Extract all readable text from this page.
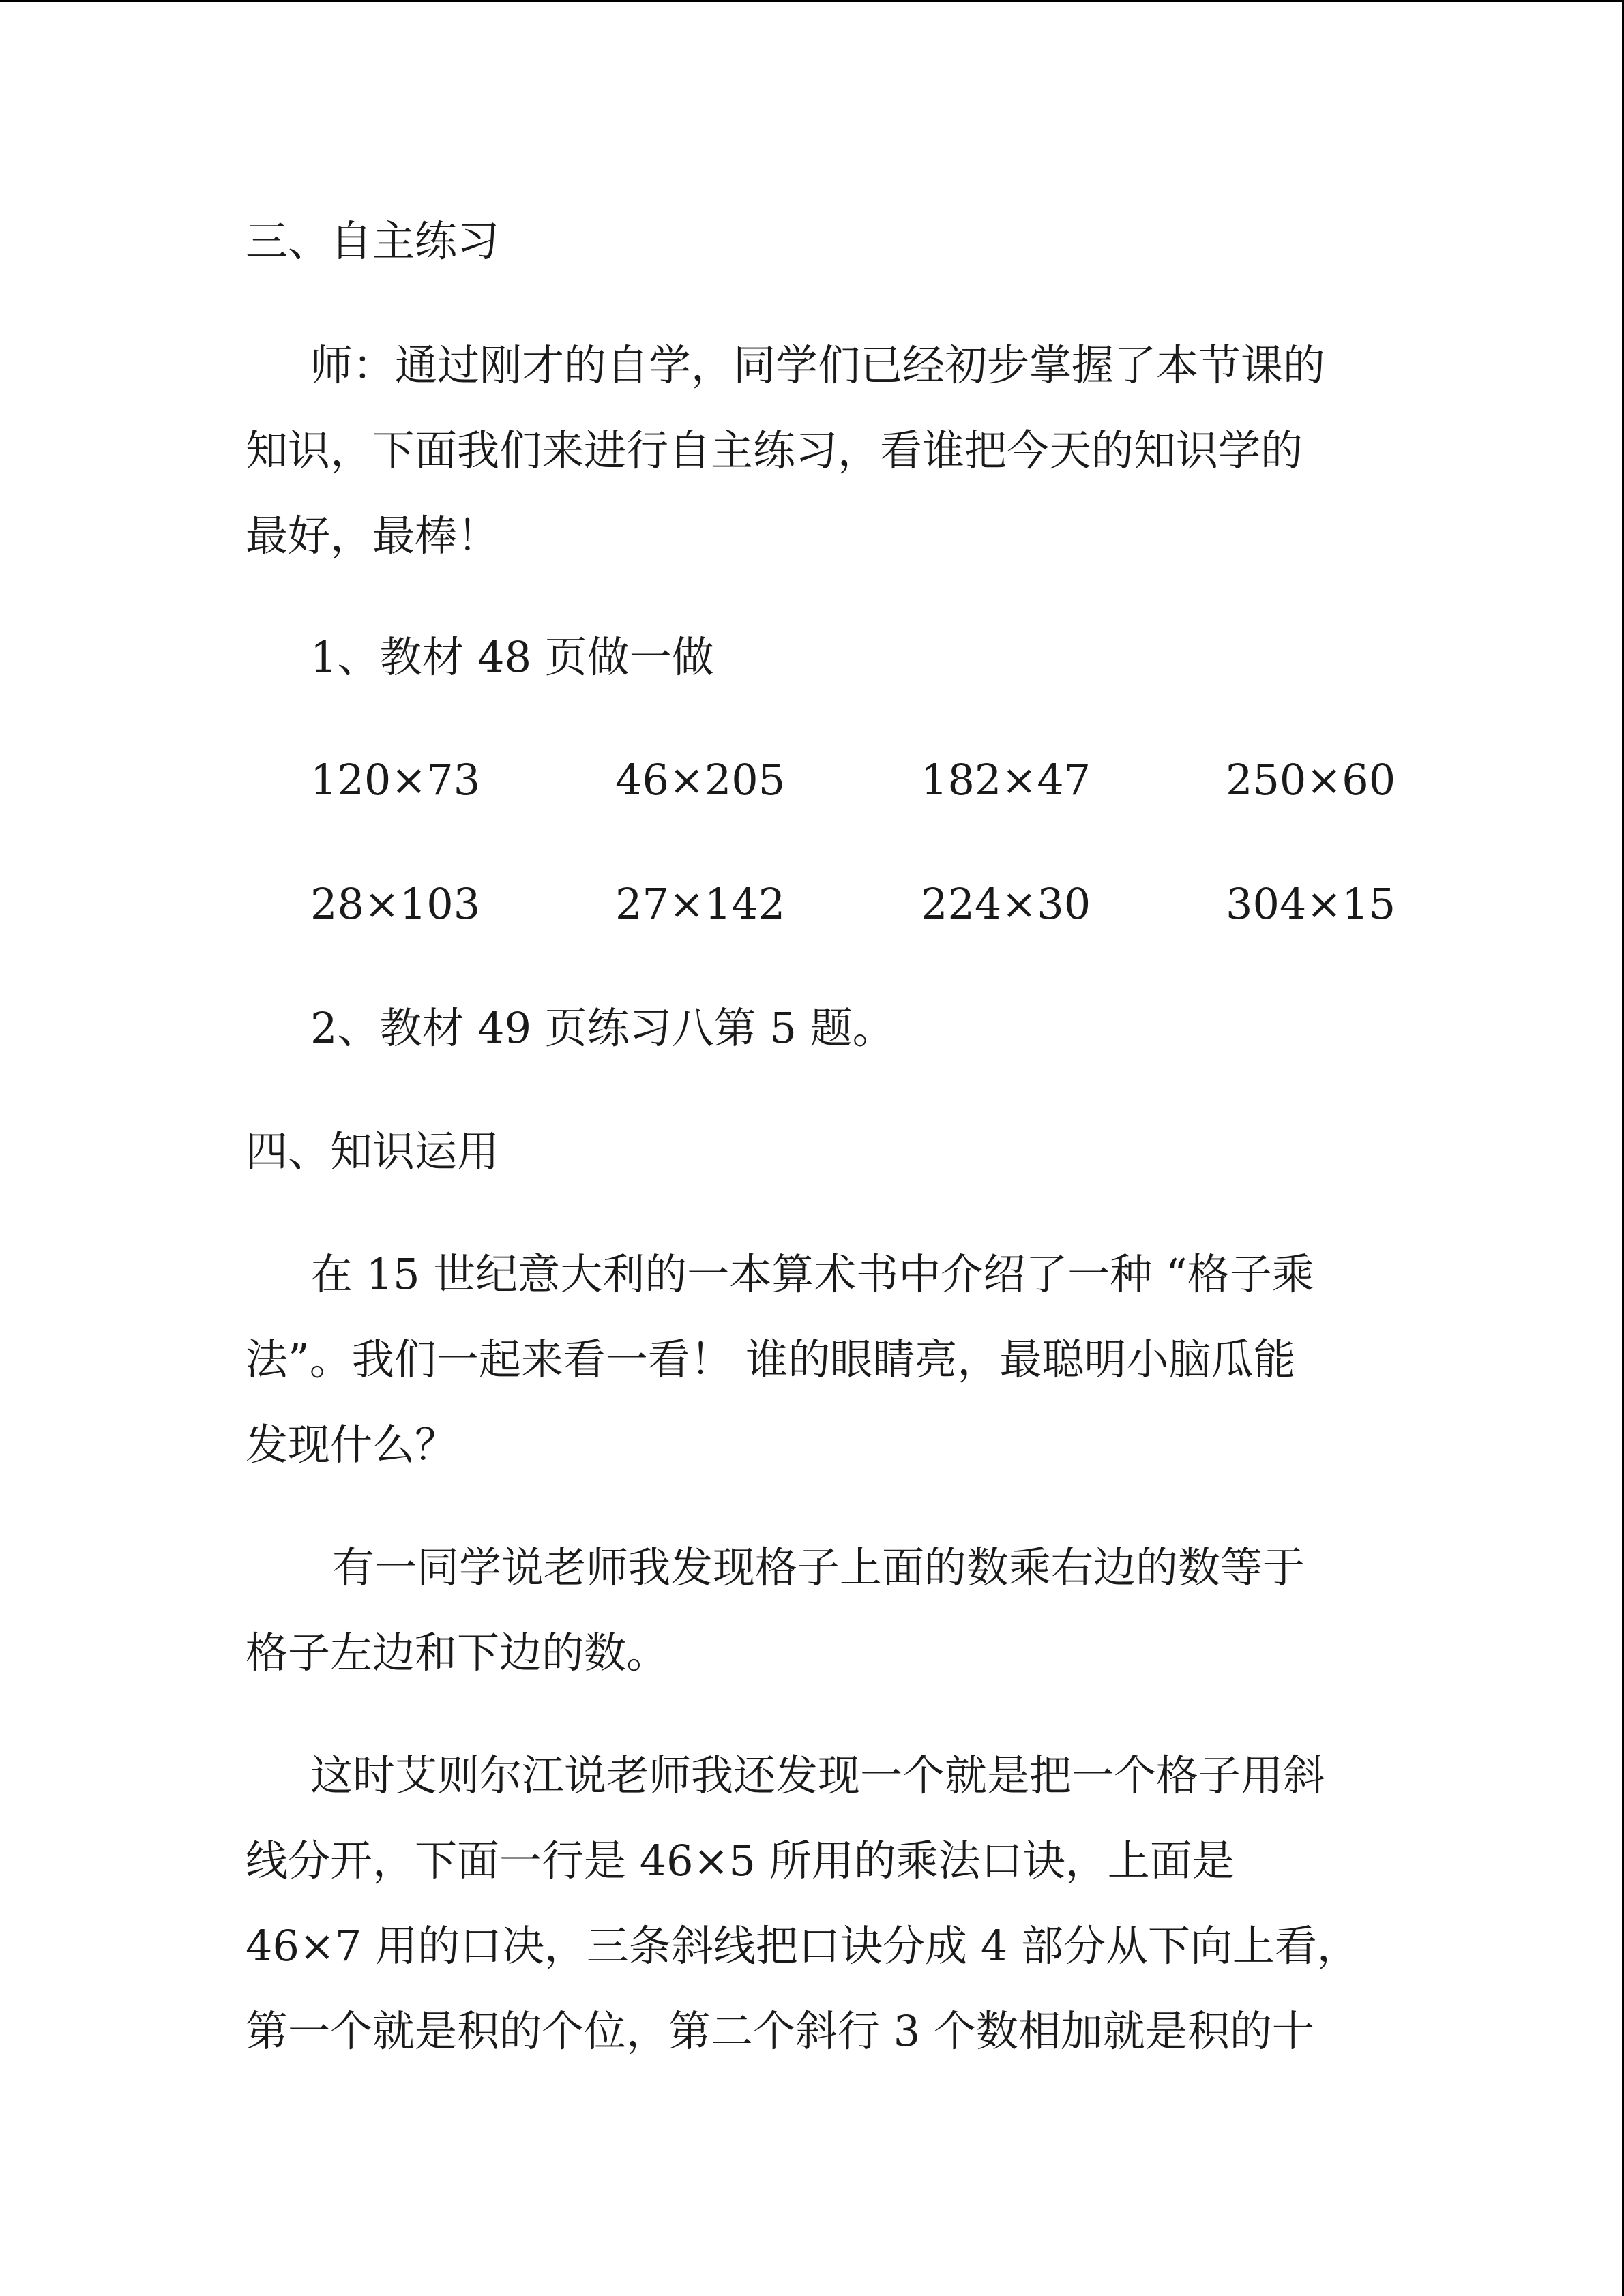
三、自主练习
师：通过刚才的自学，同学们已经初步掌握了本节课的
知识，下面我们来进行自主练习，看谁把今天的知识学的
最好，最棒！
1、教材 48 页做一做
120×73	46×205	182×47	250×60
28×103	27×142	224×30	304×15
2、教材 49 页练习八第 5 题。
四、知识运用
在 15 世纪意大利的一本算术书中介绍了一种 “格子乘
法”。我们一起来看一看！ 谁的眼睛亮，最聪明小脑瓜能
发现什么？
有一同学说老师我发现格子上面的数乘右边的数等于
格子左边和下边的数。
这时艾则尔江说老师我还发现一个就是把一个格子用斜
线分开，下面一行是 46×5 所用的乘法口诀，上面是
46×7 用的口决，三条斜线把口诀分成 4 部分从下向上看，
第一个就是积的个位，第二个斜行 3 个数相加就是积的十
